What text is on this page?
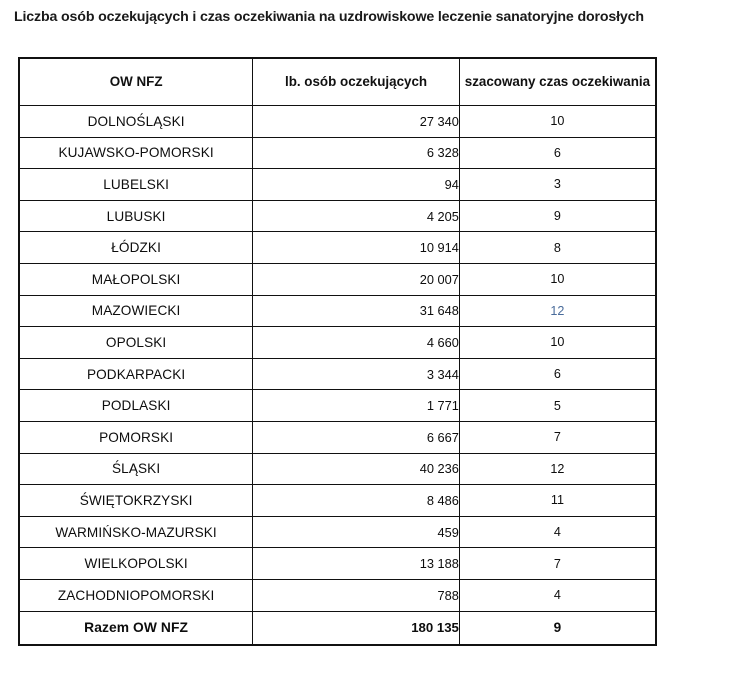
Liczba osób oczekujących i czas oczekiwania na uzdrowiskowe leczenie sanatoryjne dorosłych
OW NFZ	lb. osób oczekujących	szacowany czas oczekiwania
DOLNOŚLĄSKI	27 340	10
KUJAWSKO-POMORSKI	6 328	6
LUBELSKI	94	3
LUBUSKI	4 205	9
ŁÓDZKI	10 914	8
MAŁOPOLSKI	20 007	10
MAZOWIECKI	31 648	12
OPOLSKI	4 660	10
PODKARPACKI	3 344	6
PODLASKI	1 771	5
POMORSKI	6 667	7
ŚLĄSKI	40 236	12
ŚWIĘTOKRZYSKI	8 486	11
WARMIŃSKO-MAZURSKI	459	4
WIELKOPOLSKI	13 188	7
ZACHODNIOPOMORSKI	788	4
Razem OW NFZ	180 135	9
